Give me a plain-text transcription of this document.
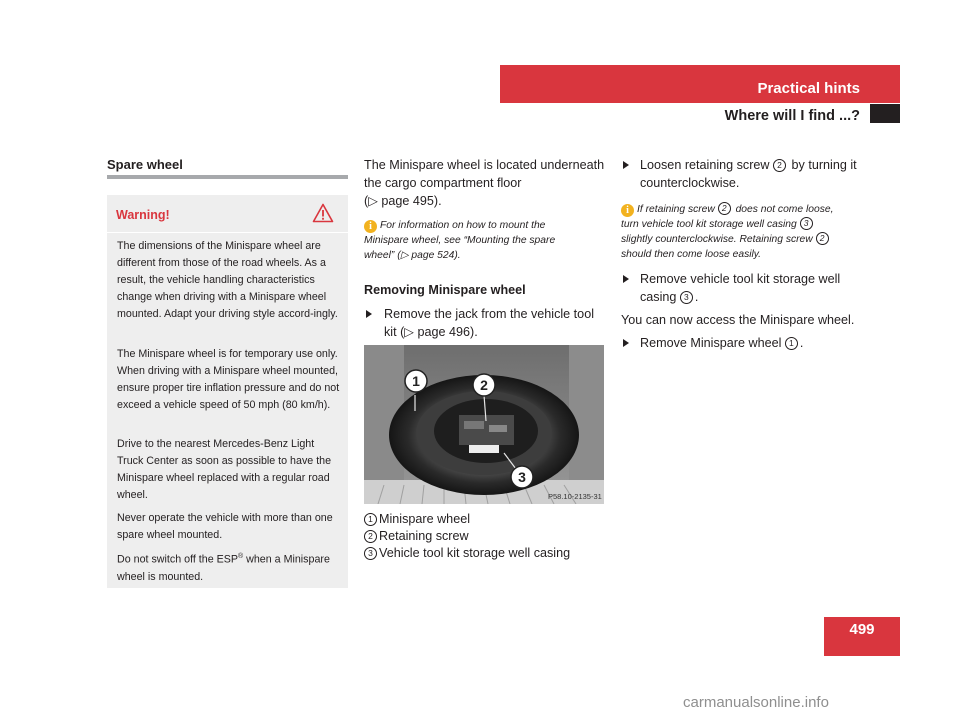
Practical hints
Where will I find ...?
Spare wheel
Warning!
The dimensions of the Minispare wheel are different from those of the road wheels. As a result, the vehicle handling characteristics change when driving with a Minispare wheel mounted. Adapt your driving style accord-ingly.
The Minispare wheel is for temporary use only. When driving with a Minispare wheel mounted, ensure proper tire inflation pressure and do not exceed a vehicle speed of 50 mph (80 km/h).
Drive to the nearest Mercedes-Benz Light Truck Center as soon as possible to have the Minispare wheel replaced with a regular road wheel.
Never operate the vehicle with more than one spare wheel mounted.
Do not switch off the ESP® when a Minispare wheel is mounted.
The Minispare wheel is located underneath
the cargo compartment floor
(▷ page 495).
i For information on how to mount the
Minispare wheel, see “Mounting the spare
wheel” (▷ page 524).
Removing Minispare wheel
Remove the jack from the vehicle tool
kit (▷ page 496).
1	2
3
P58.10-2135-31
1 Minispare wheel
2 Retaining screw
3 Vehicle tool kit storage well casing
Loosen retaining screw 2 by turning it
counterclockwise.
i If retaining screw 2 does not come loose,
turn vehicle tool kit storage well casing 3
slightly counterclockwise. Retaining screw 2
should then come loose easily.
Remove vehicle tool kit storage well
casing 3 .
You can now access the Minispare wheel.
Remove Minispare wheel 1 .
499
carmanualsonline.info
